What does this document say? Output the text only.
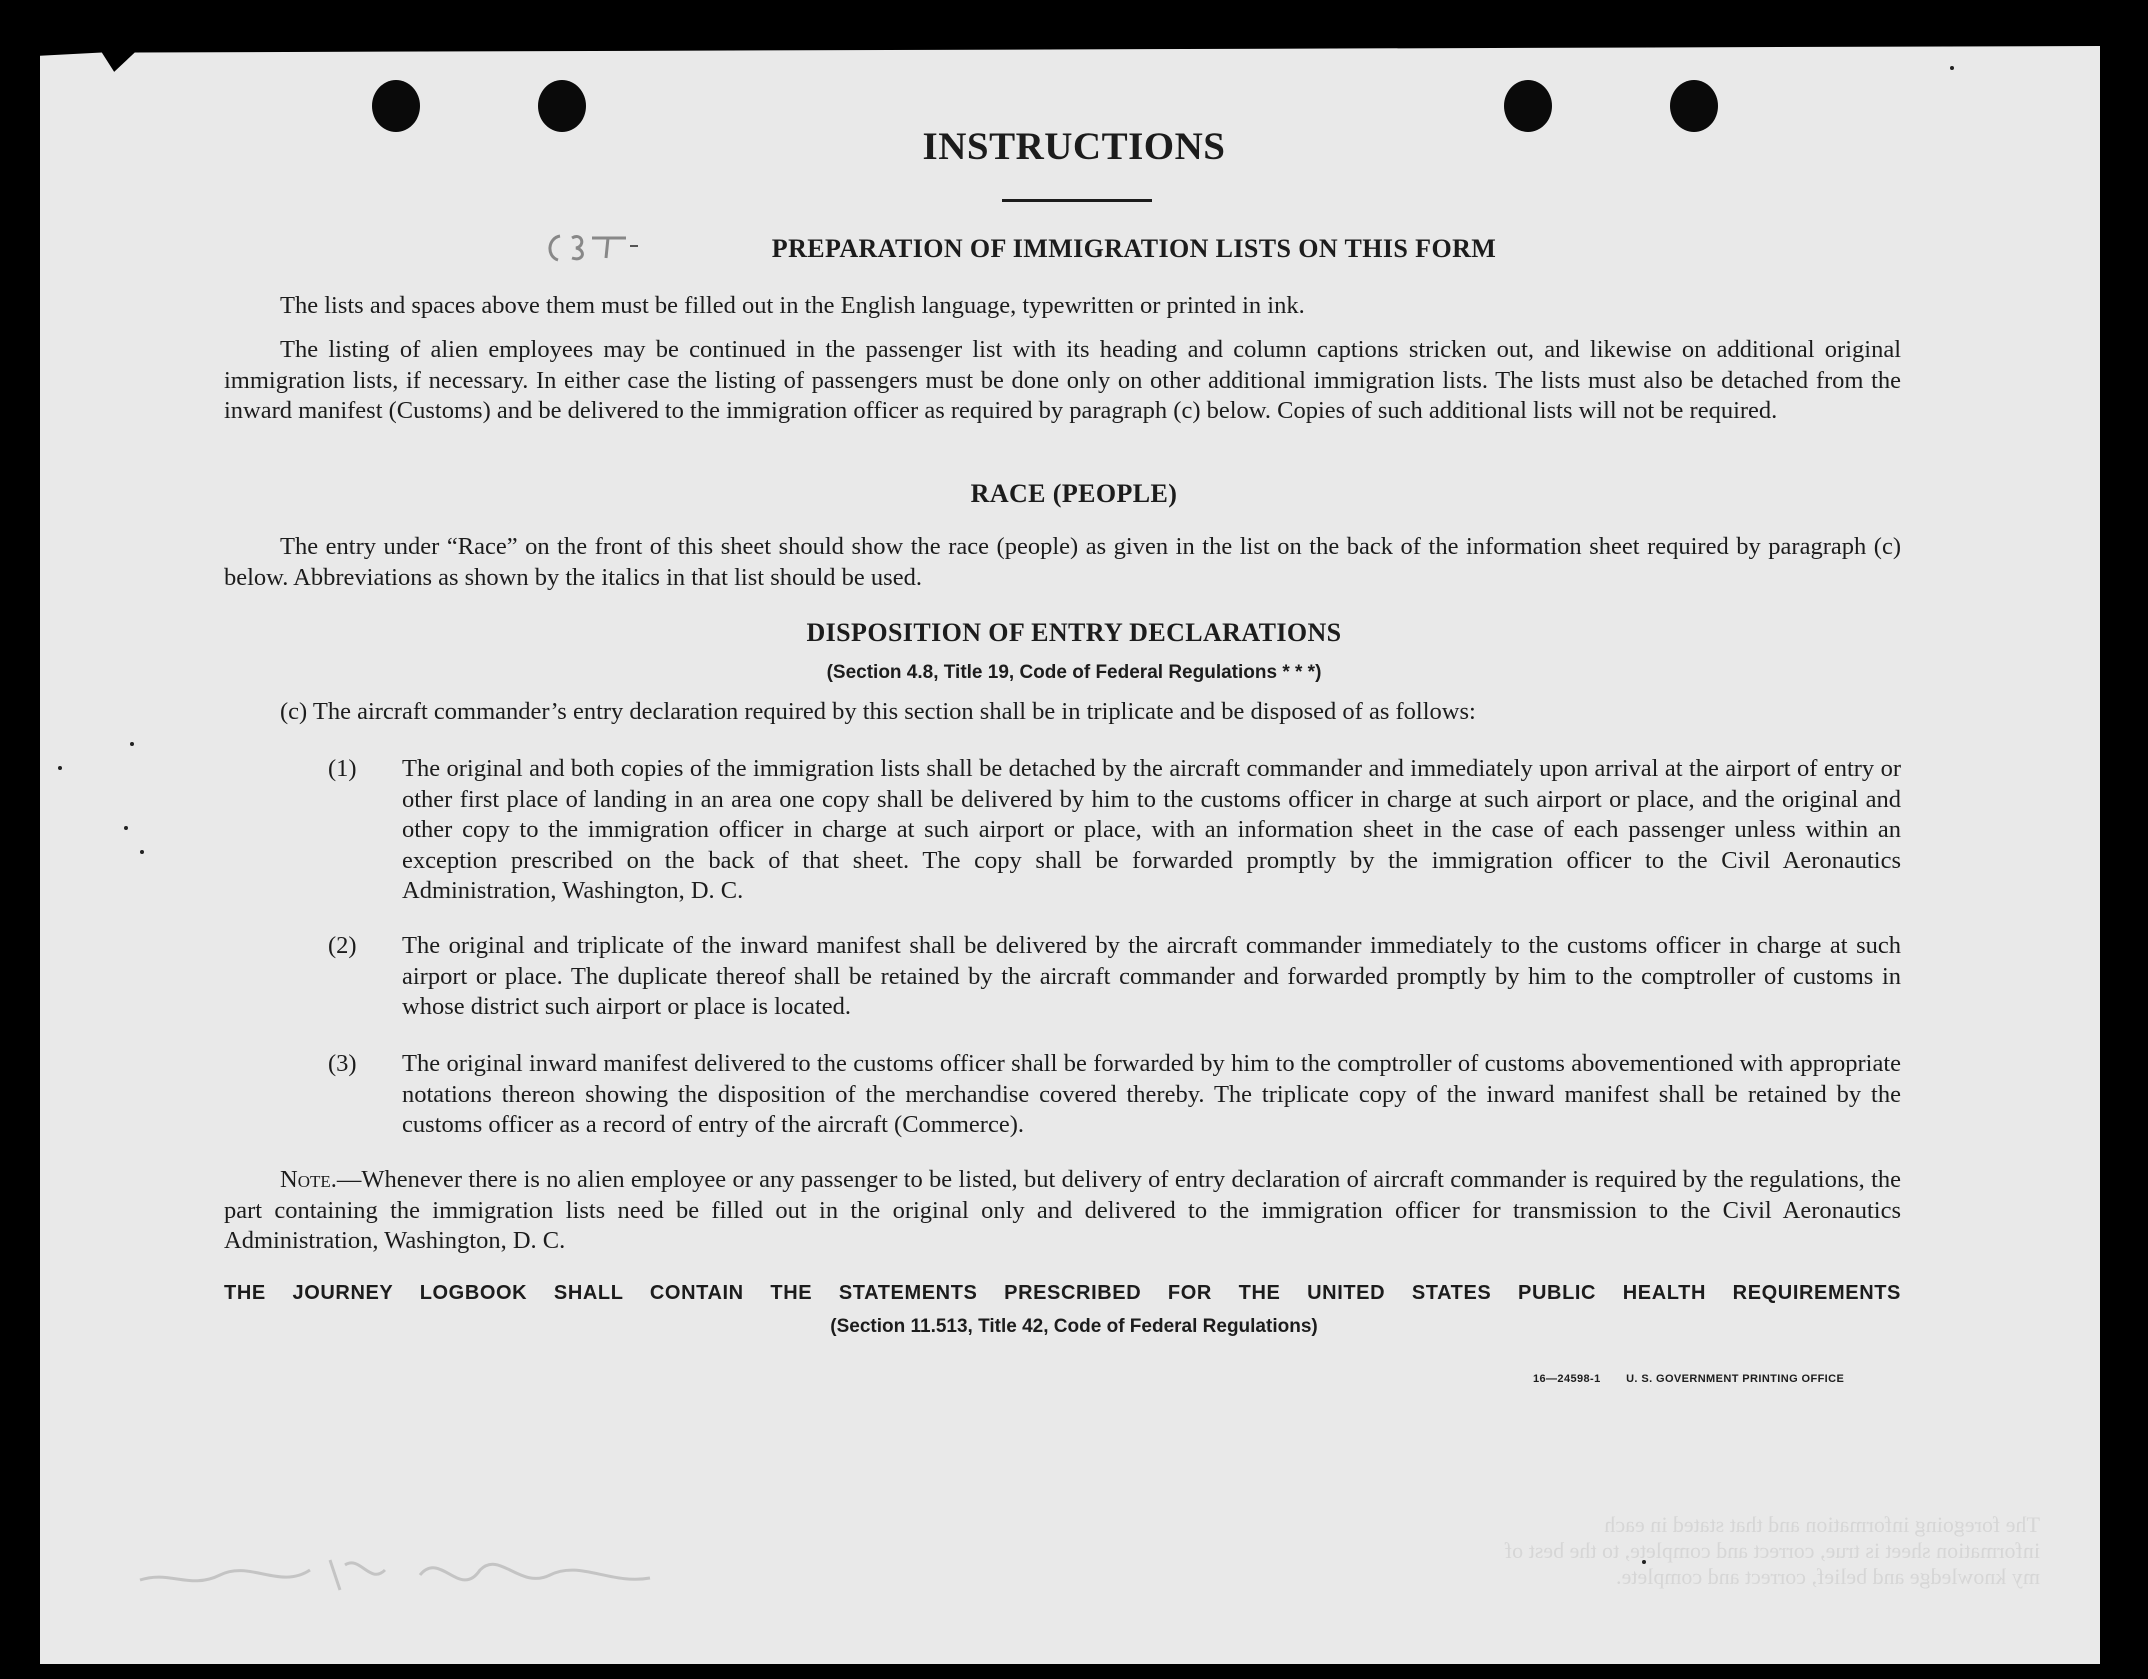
INSTRUCTIONS
PREPARATION OF IMMIGRATION LISTS ON THIS FORM
The lists and spaces above them must be filled out in the English language, typewritten or printed in ink.
The listing of alien employees may be continued in the passenger list with its heading and column captions stricken out, and likewise on additional original immigration lists, if necessary. In either case the listing of passengers must be done only on other additional immigration lists. The lists must also be detached from the inward manifest (Customs) and be delivered to the immigration officer as required by paragraph (c) below. Copies of such additional lists will not be required.
RACE (PEOPLE)
The entry under “Race” on the front of this sheet should show the race (people) as given in the list on the back of the information sheet required by paragraph (c) below. Abbreviations as shown by the italics in that list should be used.
DISPOSITION OF ENTRY DECLARATIONS
(Section 4.8, Title 19, Code of Federal Regulations * * *)
(c) The aircraft commander’s entry declaration required by this section shall be in triplicate and be disposed of as follows:
(1) The original and both copies of the immigration lists shall be detached by the aircraft commander and immediately upon arrival at the airport of entry or other first place of landing in an area one copy shall be delivered by him to the customs officer in charge at such airport or place, and the original and other copy to the immigration officer in charge at such airport or place, with an information sheet in the case of each passenger unless within an exception prescribed on the back of that sheet. The copy shall be forwarded promptly by the immigration officer to the Civil Aeronautics Administration, Washington, D. C.
(2) The original and triplicate of the inward manifest shall be delivered by the aircraft commander immediately to the customs officer in charge at such airport or place. The duplicate thereof shall be retained by the aircraft commander and forwarded promptly by him to the comptroller of customs in whose district such airport or place is located.
(3) The original inward manifest delivered to the customs officer shall be forwarded by him to the comptroller of customs abovementioned with appropriate notations thereon showing the disposition of the merchandise covered thereby. The triplicate copy of the inward manifest shall be retained by the customs officer as a record of entry of the aircraft (Commerce).
Note.—Whenever there is no alien employee or any passenger to be listed, but delivery of entry declaration of aircraft commander is required by the regulations, the part containing the immigration lists need be filled out in the original only and delivered to the immigration officer for transmission to the Civil Aeronautics Administration, Washington, D. C.
THE JOURNEY LOGBOOK SHALL CONTAIN THE STATEMENTS PRESCRIBED FOR THE UNITED STATES PUBLIC HEALTH REQUIREMENTS
(Section 11.513, Title 42, Code of Federal Regulations)
16—24598-1 U. S. GOVERNMENT PRINTING OFFICE
The foregoing information and that stated in each information sheet is true, correct and complete, to the best of my knowledge and belief, correct and complete.
